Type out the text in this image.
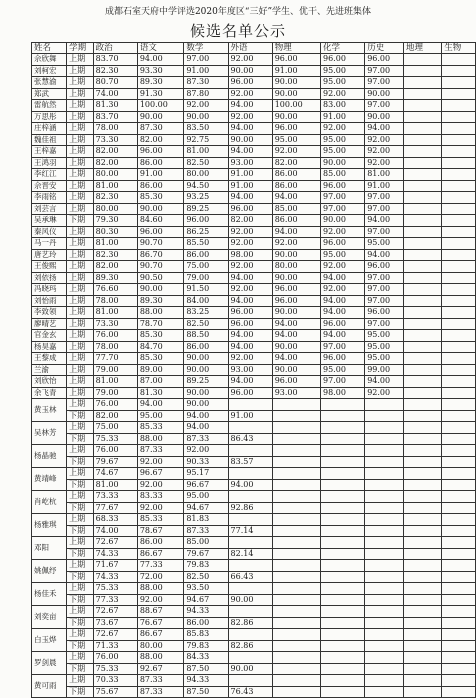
成都石室天府中学评选2020年度区“三好”学生、优干、先进班集体
候选名单公示
姓名	学期	政治	语文	数学	外语	物理	化学	历史	地理	生物
佘欣舞	上期	83.70	94.00	97.00	92.00	96.00	96.00	96.00		
刘柯宏	上期	82.30	93.30	91.00	90.00	91.00	95.00	97.00		
张慧渝	上期	80.70	89.30	87.30	96.00	90.00	95.00	97.00		
郑武	上期	74.00	91.30	87.80	92.00	90.00	92.00	90.00		
雷航然	上期	81.30	100.00	92.00	94.00	100.00	83.00	97.00		
万思彤	上期	83.70	90.00	90.00	92.00	90.00	91.00	90.00		
庄梓涵	上期	78.00	87.30	83.50	94.00	96.00	92.00	94.00		
魏佳祖	上期	73.30	82.00	92.75	90.00	95.00	95.00	92.00		
王梓嘉	上期	82.00	96.00	81.00	94.00	92.00	95.00	92.00		
王鸿羽	上期	82.00	86.00	82.50	93.00	82.00	90.00	92.00		
李红江	上期	80.00	91.00	80.00	91.00	86.00	85.00	81.00		
佘晋安	上期	81.00	86.00	94.50	91.00	86.00	96.00	91.00		
李雨铭	上期	82.30	85.30	93.25	94.00	94.00	97.00	97.00		
刘芸言	上期	80.00	90.00	89.25	96.00	85.00	97.00	97.00		
吴承琳	下期	79.30	84.60	96.00	82.00	86.00	90.00	94.00		
秦风仪	上期	80.30	96.00	86.25	92.00	94.00	92.00	97.00		
马一丹	上期	81.00	90.70	85.50	92.00	92.00	96.00	95.00		
唐艺玲	上期	82.30	86.70	86.00	98.00	90.00	95.00	94.00		
王俊熙	上期	82.00	90.70	75.00	92.00	80.00	92.00	96.00		
刘依扬	上期	89.30	90.50	79.00	94.00	90.00	94.00	97.00		
冯晓玛	上期	76.60	90.00	91.50	92.00	96.00	92.00	97.00		
刘怡雨	上期	78.00	89.30	84.00	94.00	96.00	94.00	97.00		
李致领	上期	81.00	88.00	83.25	96.00	90.00	94.00	96.00		
廖晴艺	上期	73.30	78.70	82.50	96.00	94.00	96.00	97.00		
官金玄	上期	76.00	85.30	88.50	94.00	94.00	94.00	95.00		
杨昊嘉	上期	78.00	84.70	86.00	94.00	90.00	97.00	95.00		
王黎成	上期	77.70	85.30	90.00	92.00	94.00	96.00	95.00		
兰渝	上期	79.00	89.00	90.00	93.00	90.00	95.00	99.00		
刘欣怡	上期	81.00	87.00	89.25	94.00	96.00	97.00	94.00		
余飞青	上期	79.00	81.30	90.00	96.00	93.00	98.00	92.00		
黄玉林	上期	76.00	94.00	90.00						
	下期	82.00	95.00	94.00	91.00					
吴林芳	上期	75.00	85.33	94.00						
	下期	75.33	88.00	87.33	86.43					
杨晶驰	上期	76.00	87.33	92.00						
	下期	79.67	92.00	90.33	83.57					
黄靖峰	上期	74.67	96.67	95.17						
	下期	81.00	92.00	96.67	94.00					
肖屹杭	上期	73.33	83.33	95.00						
	下期	77.67	92.00	94.67	92.86					
杨雅琪	上期	68.33	85.33	81.83						
	下期	74.00	78.67	87.33	77.14					
邓阳	上期	72.67	86.00	85.00						
	下期	74.33	86.67	79.67	82.14					
姚佩纾	上期	71.67	77.33	79.83						
	下期	74.33	72.00	82.50	66.43					
杨佳禾	上期	75.33	88.00	93.50						
	下期	77.33	92.00	94.67	90.00					
刘奕亩	上期	72.67	88.67	94.33						
	下期	73.67	76.67	86.00	82.86					
白玉烨	上期	72.67	86.67	85.83						
	下期	71.33	80.00	79.83	82.86					
罗剑晨	上期	76.00	88.00	84.33						
	下期	75.33	92.67	87.50	90.00					
黄可雨	上期	70.33	87.33	94.33						
	下期	75.67	87.33	87.50	76.43					
